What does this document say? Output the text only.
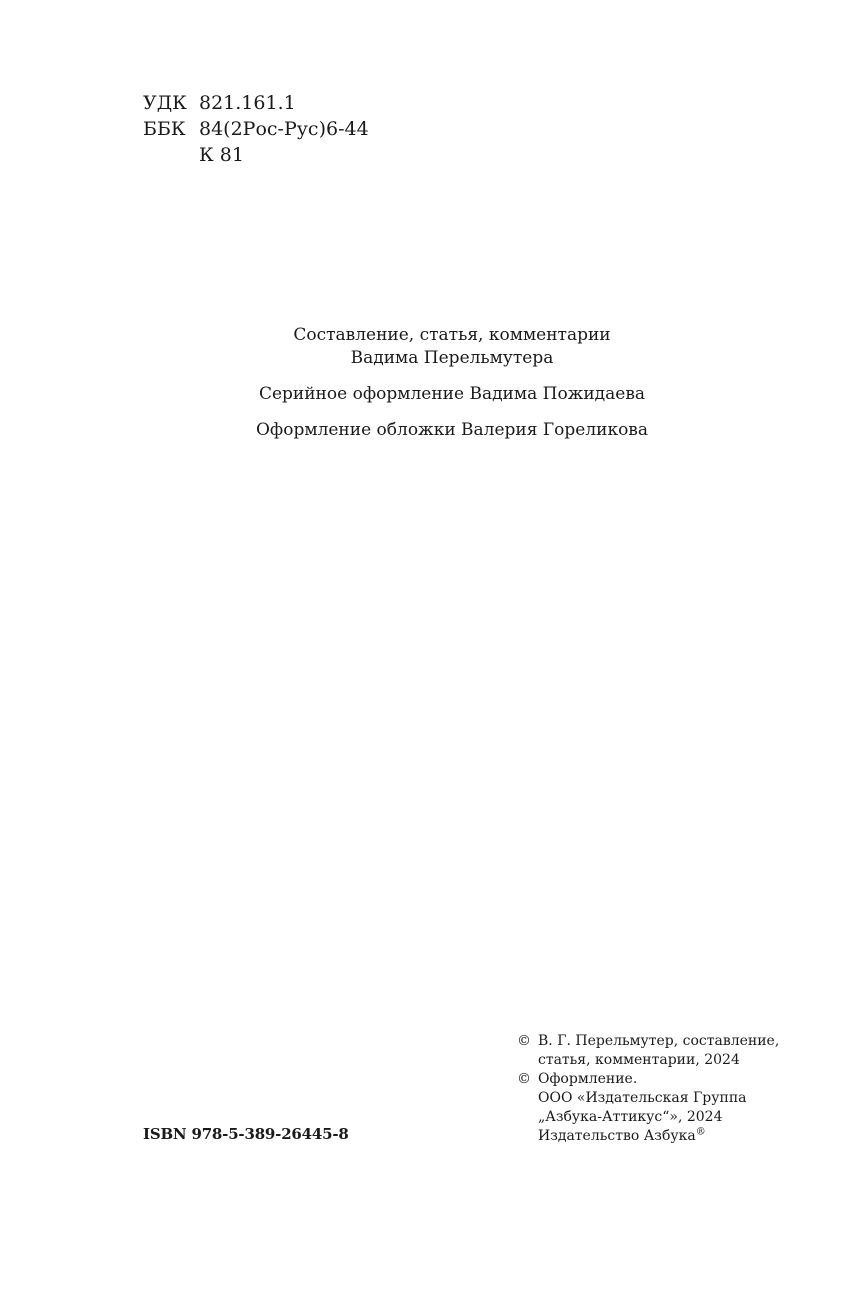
УДК 821.161.1
ББК 84(2Рос-Рус)6-44
К 81

Составление, статья, комментарии
Вадима Перельмутера

Серийное оформление Вадима Пожидаева

Оформление обложки Валерия Гореликова

ISBN 978-5-389-26445-8
© В. Г. Перельмутер, составление,
статья, комментарии, 2024
© Оформление.
ООО «Издательская Группа
„Азбука-Аттикус“», 2024
Издательство Азбука®
